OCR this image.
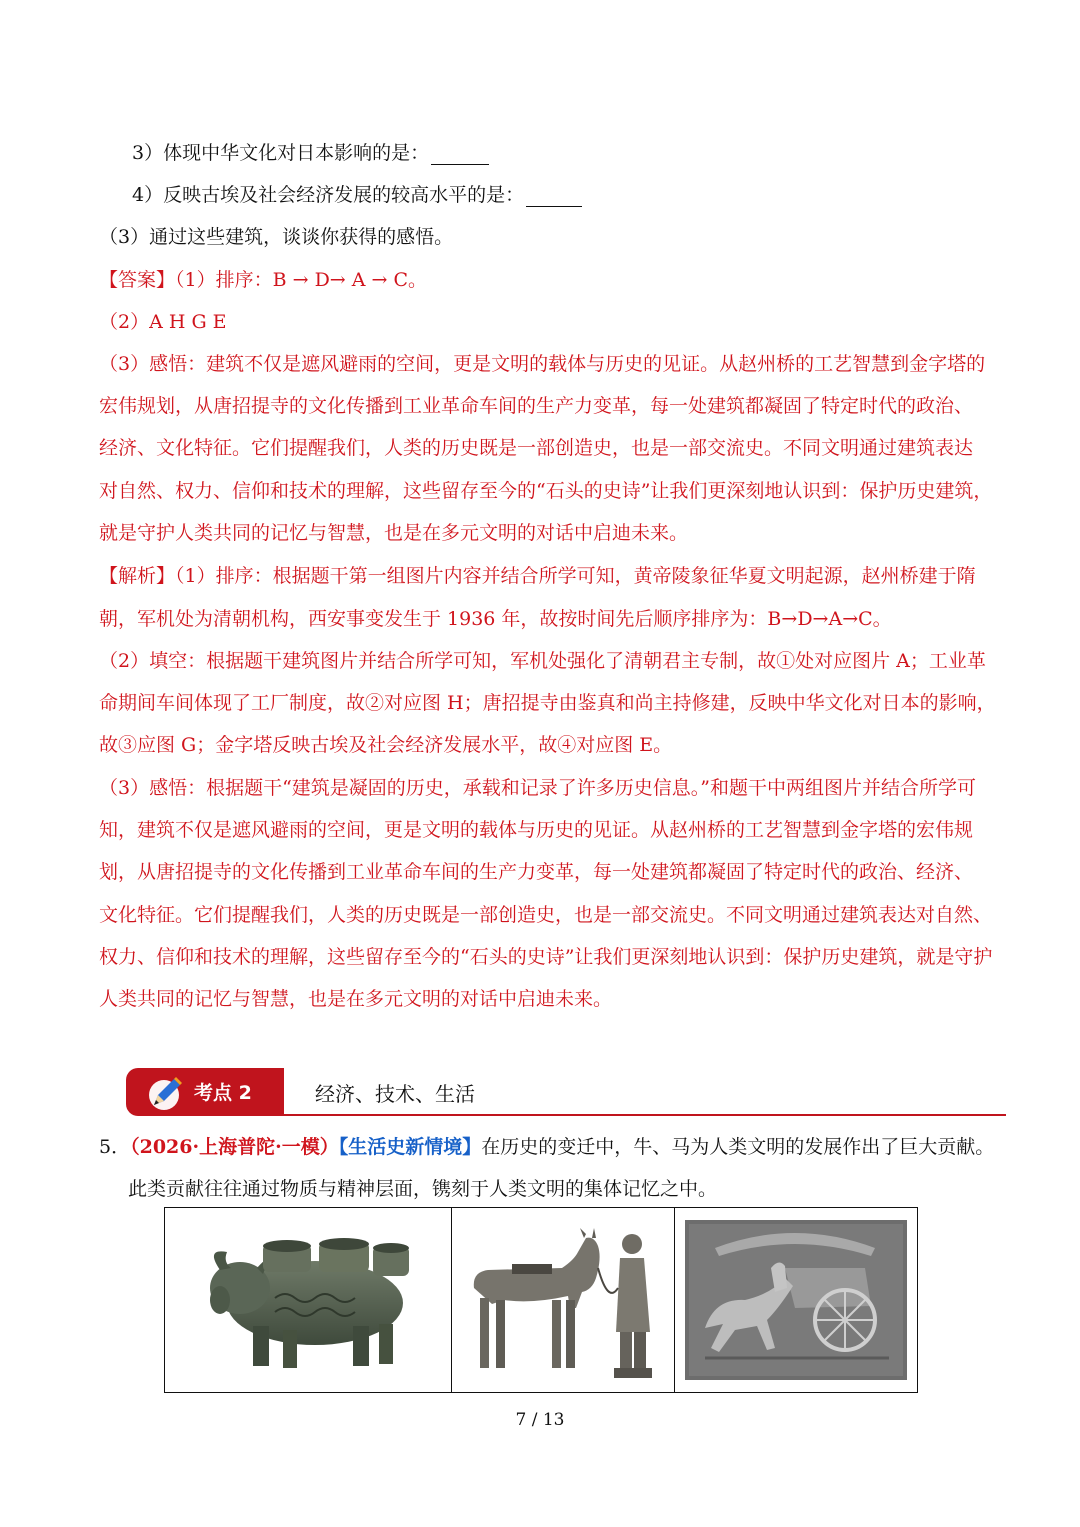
3）体现中华文化对日本影响的是：
4）反映古埃及社会经济发展的较高水平的是：
（3）通过这些建筑，谈谈你获得的感悟。
【答案】（1）排序：B → D→ A → C。
（2）A H G E
（3）感悟：建筑不仅是遮风避雨的空间，更是文明的载体与历史的见证。从赵州桥的工艺智慧到金字塔的
宏伟规划，从唐招提寺的文化传播到工业革命车间的生产力变革，每一处建筑都凝固了特定时代的政治、
经济、文化特征。它们提醒我们，人类的历史既是一部创造史，也是一部交流史。不同文明通过建筑表达
对自然、权力、信仰和技术的理解，这些留存至今的“石头的史诗”让我们更深刻地认识到：保护历史建筑，
就是守护人类共同的记忆与智慧，也是在多元文明的对话中启迪未来。
【解析】（1）排序：根据题干第一组图片内容并结合所学可知，黄帝陵象征华夏文明起源，赵州桥建于隋
朝，军机处为清朝机构，西安事变发生于 1936 年，故按时间先后顺序排序为：B→D→A→C。
（2）填空：根据题干建筑图片并结合所学可知，军机处强化了清朝君主专制，故①处对应图片 A；工业革
命期间车间体现了工厂制度，故②对应图 H；唐招提寺由鉴真和尚主持修建，反映中华文化对日本的影响，
故③应图 G；金字塔反映古埃及社会经济发展水平，故④对应图 E。
（3）感悟：根据题干“建筑是凝固的历史，承载和记录了许多历史信息。”和题干中两组图片并结合所学可
知，建筑不仅是遮风避雨的空间，更是文明的载体与历史的见证。从赵州桥的工艺智慧到金字塔的宏伟规
划，从唐招提寺的文化传播到工业革命车间的生产力变革，每一处建筑都凝固了特定时代的政治、经济、
文化特征。它们提醒我们，人类的历史既是一部创造史，也是一部交流史。不同文明通过建筑表达对自然、
权力、信仰和技术的理解，这些留存至今的“石头的史诗”让我们更深刻地认识到：保护历史建筑，就是守护
人类共同的记忆与智慧，也是在多元文明的对话中启迪未来。
考点 2	经济、技术、生活
5．（2026·上海普陀·一模）【生活史新情境】在历史的变迁中，牛、马为人类文明的发展作出了巨大贡献。
此类贡献往往通过物质与精神层面，镌刻于人类文明的集体记忆之中。
7 / 13
